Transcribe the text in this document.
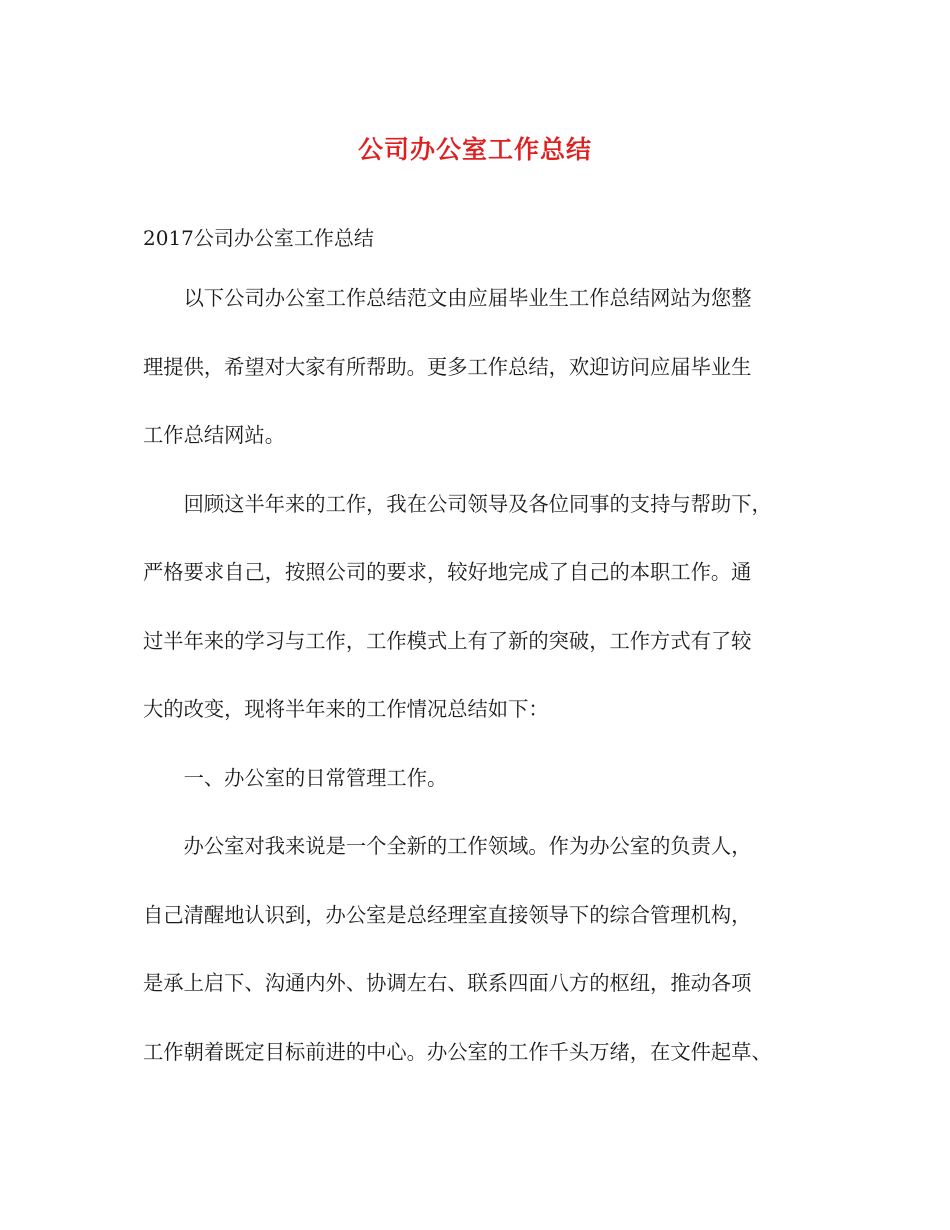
公司办公室工作总结
2017公司办公室工作总结

以下公司办公室工作总结范文由应届毕业生工作总结网站为您整
理提供，希望对大家有所帮助。更多工作总结，欢迎访问应届毕业生
工作总结网站。

回顾这半年来的工作，我在公司领导及各位同事的支持与帮助下，
严格要求自己，按照公司的要求，较好地完成了自己的本职工作。通
过半年来的学习与工作，工作模式上有了新的突破，工作方式有了较
大的改变，现将半年来的工作情况总结如下：

一、办公室的日常管理工作。

办公室对我来说是一个全新的工作领域。作为办公室的负责人，
自己清醒地认识到，办公室是总经理室直接领导下的综合管理机构，
是承上启下、沟通内外、协调左右、联系四面八方的枢纽，推动各项
工作朝着既定目标前进的中心。办公室的工作千头万绪，在文件起草、
